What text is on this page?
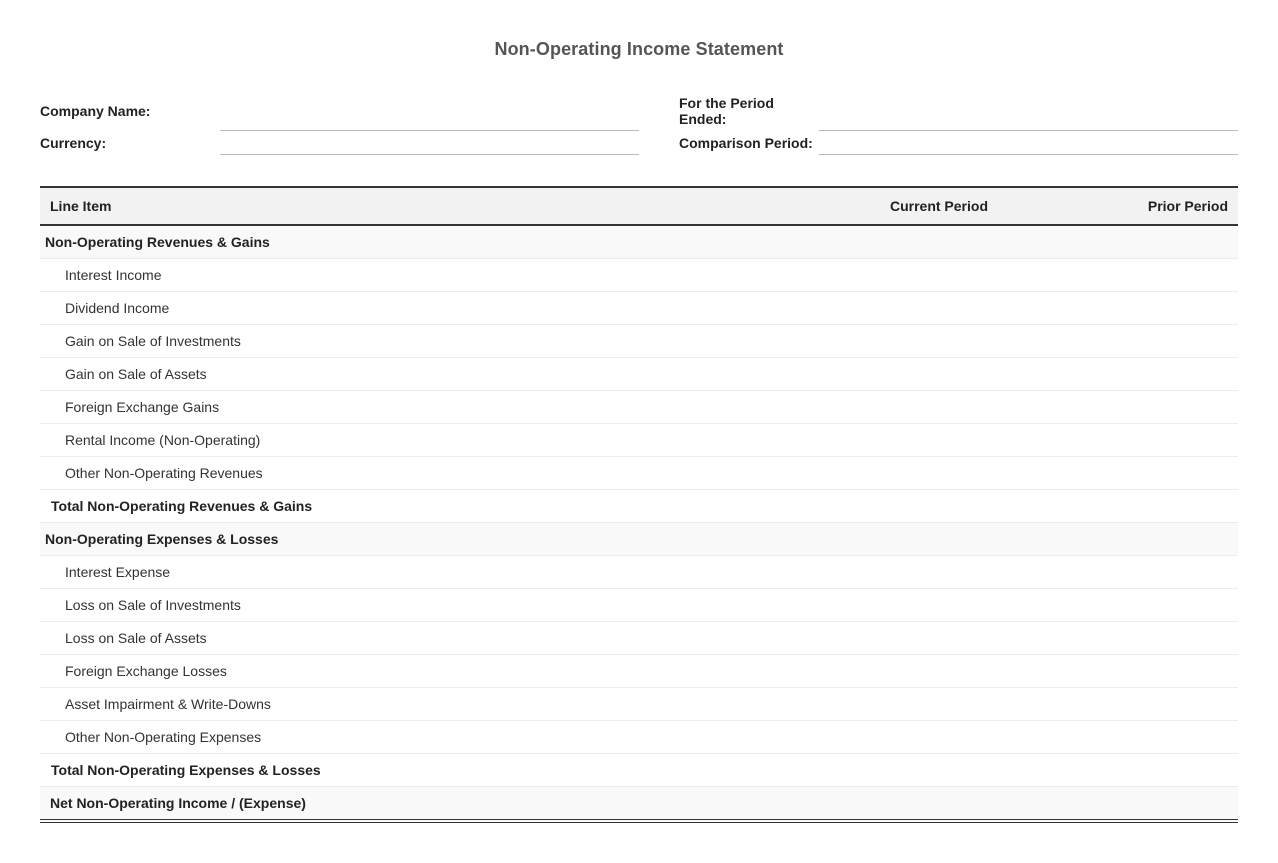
Non-Operating Income Statement
Company Name:
Currency:
For the Period
Ended:
Comparison Period:
Line Item	Current Period	Prior Period
Non-Operating Revenues & Gains		
Interest Income		
Dividend Income		
Gain on Sale of Investments		
Gain on Sale of Assets		
Foreign Exchange Gains		
Rental Income (Non-Operating)		
Other Non-Operating Revenues		
Total Non-Operating Revenues & Gains		
Non-Operating Expenses & Losses		
Interest Expense		
Loss on Sale of Investments		
Loss on Sale of Assets		
Foreign Exchange Losses		
Asset Impairment & Write-Downs		
Other Non-Operating Expenses		
Total Non-Operating Expenses & Losses		
Net Non-Operating Income / (Expense)		
